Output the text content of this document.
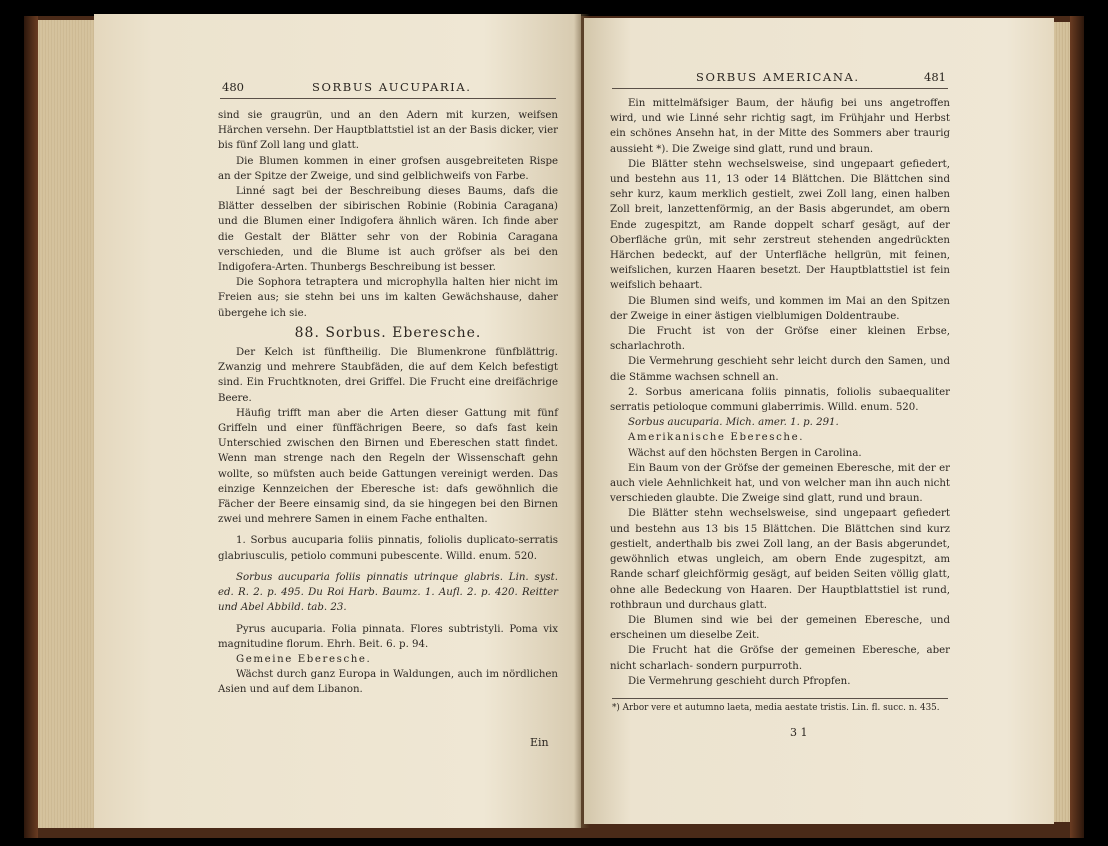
480	SORBUS AUCUPARIA.

sind sie graugrün, und an den Adern mit kurzen, weifsen Härchen versehn. Der Hauptblattstiel ist an der Basis dicker, vier bis fünf Zoll lang und glatt.

Die Blumen kommen in einer grofsen ausgebreiteten Rispe an der Spitze der Zweige, und sind gelblichweifs von Farbe.

Linné sagt bei der Beschreibung dieses Baums, dafs die Blätter desselben der sibirischen Robinie (Robinia Caragana) und die Blumen einer Indigofera ähnlich wären. Ich finde aber die Gestalt der Blätter sehr von der Robinia Caragana verschieden, und die Blume ist auch gröfser als bei den Indigofera-Arten. Thunbergs Beschreibung ist besser.

Die Sophora tetraptera und microphylla halten hier nicht im Freien aus; sie stehn bei uns im kalten Gewächshause, daher übergehe ich sie.

88. Sorbus. Eberesche.

Der Kelch ist fünftheilig. Die Blumenkrone fünfblättrig. Zwanzig und mehrere Staubfäden, die auf dem Kelch befestigt sind. Ein Fruchtknoten, drei Griffel. Die Frucht eine dreifächrige Beere.

Häufig trifft man aber die Arten dieser Gattung mit fünf Griffeln und einer fünffächrigen Beere, so dafs fast kein Unterschied zwischen den Birnen und Ebereschen statt findet. Wenn man strenge nach den Regeln der Wissenschaft gehn wollte, so müfsten auch beide Gattungen vereinigt werden. Das einzige Kennzeichen der Eberesche ist: dafs gewöhnlich die Fächer der Beere einsamig sind, da sie hingegen bei den Birnen zwei und mehrere Samen in einem Fache enthalten.

1. Sorbus aucuparia foliis pinnatis, foliolis duplicato-serratis glabriusculis, petiolo communi pubescente. Willd. enum. 520.

Sorbus aucuparia foliis pinnatis utrinque glabris. Lin. syst. ed. R. 2. p. 495. Du Roi Harb. Baumz. 1. Aufl. 2. p. 420. Reitter und Abel Abbild. tab. 23.

Pyrus aucuparia. Folia pinnata. Flores subtristyli. Poma vix magnitudine florum. Ehrh. Beit. 6. p. 94.

Gemeine Eberesche.

Wächst durch ganz Europa in Waldungen, auch im nördlichen Asien und auf dem Libanon.

Ein
SORBUS AMERICANA.	481

Ein mittelmäfsiger Baum, der häufig bei uns angetroffen wird, und wie Linné sehr richtig sagt, im Frühjahr und Herbst ein schönes Ansehn hat, in der Mitte des Sommers aber traurig aussieht *). Die Zweige sind glatt, rund und braun.

Die Blätter stehn wechselsweise, sind ungepaart gefiedert, und bestehn aus 11, 13 oder 14 Blättchen. Die Blättchen sind sehr kurz, kaum merklich gestielt, zwei Zoll lang, einen halben Zoll breit, lanzettenförmig, an der Basis abgerundet, am obern Ende zugespitzt, am Rande doppelt scharf gesägt, auf der Oberfläche grün, mit sehr zerstreut stehenden angedrückten Härchen bedeckt, auf der Unterfläche hellgrün, mit feinen, weifslichen, kurzen Haaren besetzt. Der Hauptblattstiel ist fein weifslich behaart.

Die Blumen sind weifs, und kommen im Mai an den Spitzen der Zweige in einer ästigen vielblumigen Doldentraube.

Die Frucht ist von der Gröfse einer kleinen Erbse, scharlachroth.

Die Vermehrung geschieht sehr leicht durch den Samen, und die Stämme wachsen schnell an.

2. Sorbus americana foliis pinnatis, foliolis subaequaliter serratis petioloque communi glaberrimis. Willd. enum. 520.

Sorbus aucuparia. Mich. amer. 1. p. 291.

Amerikanische Eberesche.

Wächst auf den höchsten Bergen in Carolina.

Ein Baum von der Gröfse der gemeinen Eberesche, mit der er auch viele Aehnlichkeit hat, und von welcher man ihn auch nicht verschieden glaubte. Die Zweige sind glatt, rund und braun.

Die Blätter stehn wechselsweise, sind ungepaart gefiedert und bestehn aus 13 bis 15 Blättchen. Die Blättchen sind kurz gestielt, anderthalb bis zwei Zoll lang, an der Basis abgerundet, gewöhnlich etwas ungleich, am obern Ende zugespitzt, am Rande scharf gleichförmig gesägt, auf beiden Seiten völlig glatt, ohne alle Bedeckung von Haaren. Der Hauptblattstiel ist rund, rothbraun und durchaus glatt.

Die Blumen sind wie bei der gemeinen Eberesche, und erscheinen um dieselbe Zeit.

Die Frucht hat die Gröfse der gemeinen Eberesche, aber nicht scharlach- sondern purpurroth.

Die Vermehrung geschieht durch Pfropfen.

*) Arbor vere et autumno laeta, media aestate tristis. Lin. fl. succ. n. 435.
3 1
